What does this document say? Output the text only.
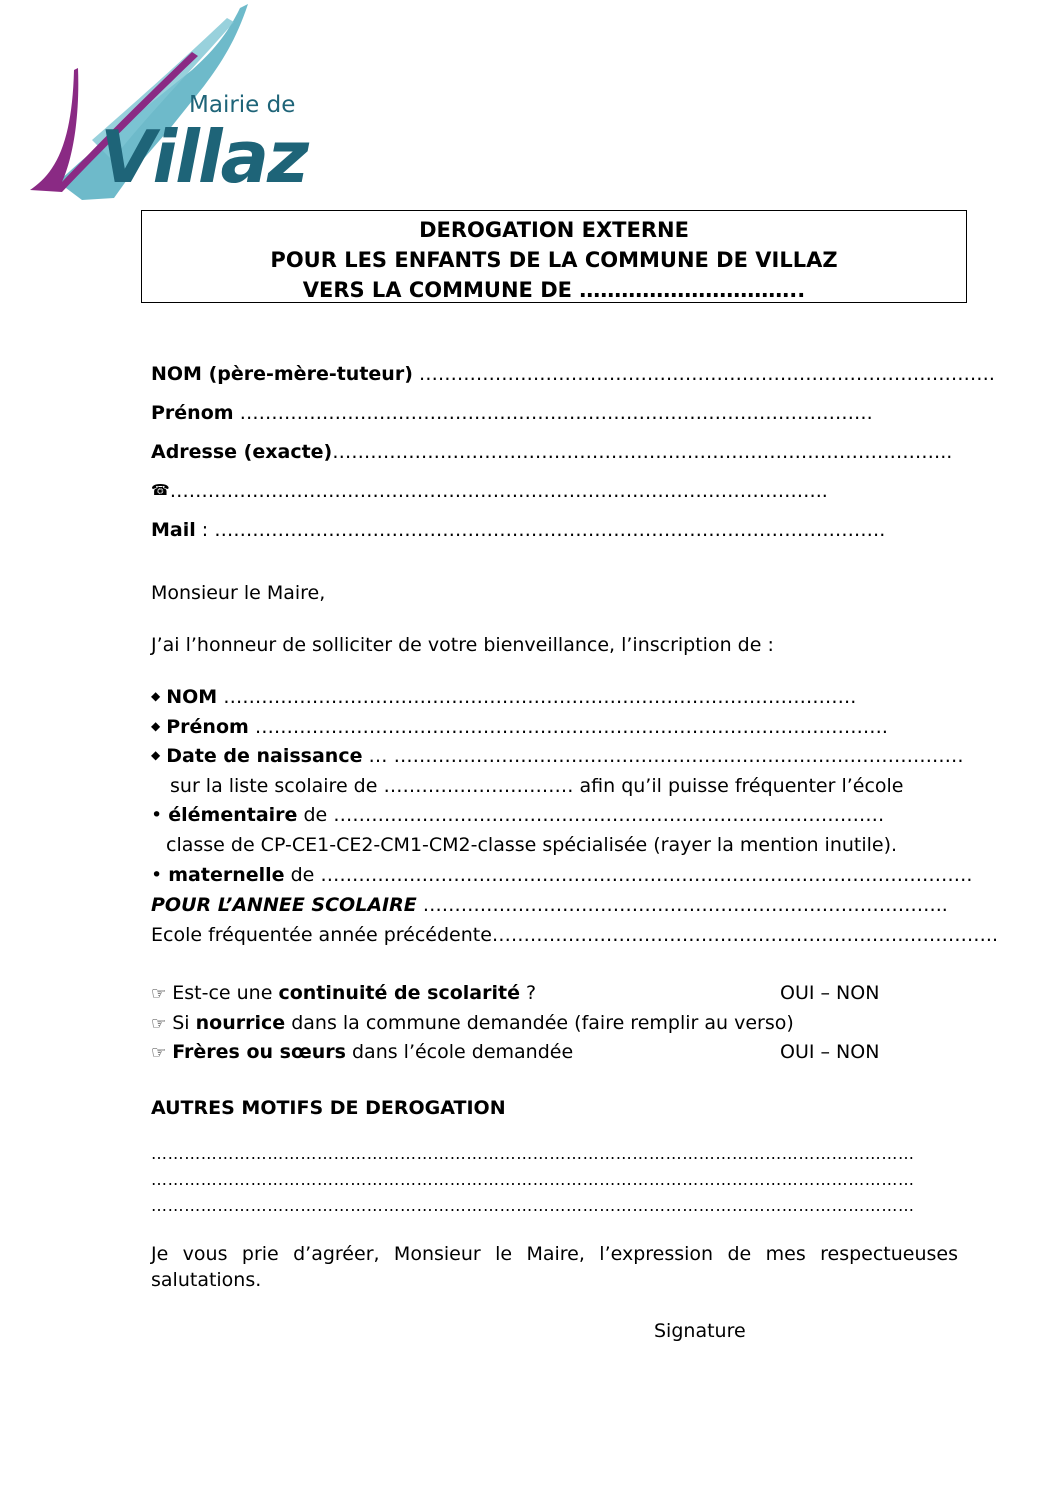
Mairie de
Villaz
DEROGATION EXTERNE
POUR LES ENFANTS DE LA COMMUNE DE VILLAZ
VERS LA COMMUNE DE …………………………..
NOM (père-mère-tuteur) ……………………………………………………………………………….
Prénom ……………………………………………………………………………………….
Adresse (exacte)……………………………………………………………………………………..
☎…………………………………………………………………………………………..
Mail : …………………………………………………………………………………………….
Monsieur le Maire,
J’ai l’honneur de solliciter de votre bienveillance, l’inscription de :
◆ NOM ……………………………………………………………………………………….
◆ Prénom ……………………………………………………………………………………….
◆ Date de naissance … ………………………………………………………………………………
sur la liste scolaire de ………………………… afin qu’il puisse fréquenter l’école
• élémentaire de ……………………………………………………………………………
classe de CP-CE1-CE2-CM1-CM2-classe spécialisée (rayer la mention inutile).
• maternelle de ………………………………………………………………………………………….
POUR L’ANNEE SCOLAIRE ………………………………………………………………………..
Ecole fréquentée année précédente……………………………………………………………………..
☞ Est-ce une continuité de scolarité ?	OUI – NON
☞ Si nourrice dans la commune demandée (faire remplir au verso)
☞ Frères ou sœurs dans l’école demandée	OUI – NON
AUTRES MOTIFS DE DEROGATION
…………………………………………………………………………………………………………………………
…………………………………………………………………………………………………………………………
…………………………………………………………………………………………………………………………
Je vous prie d’agréer, Monsieur le Maire, l’expression de mes respectueuses salutations.
Signature
